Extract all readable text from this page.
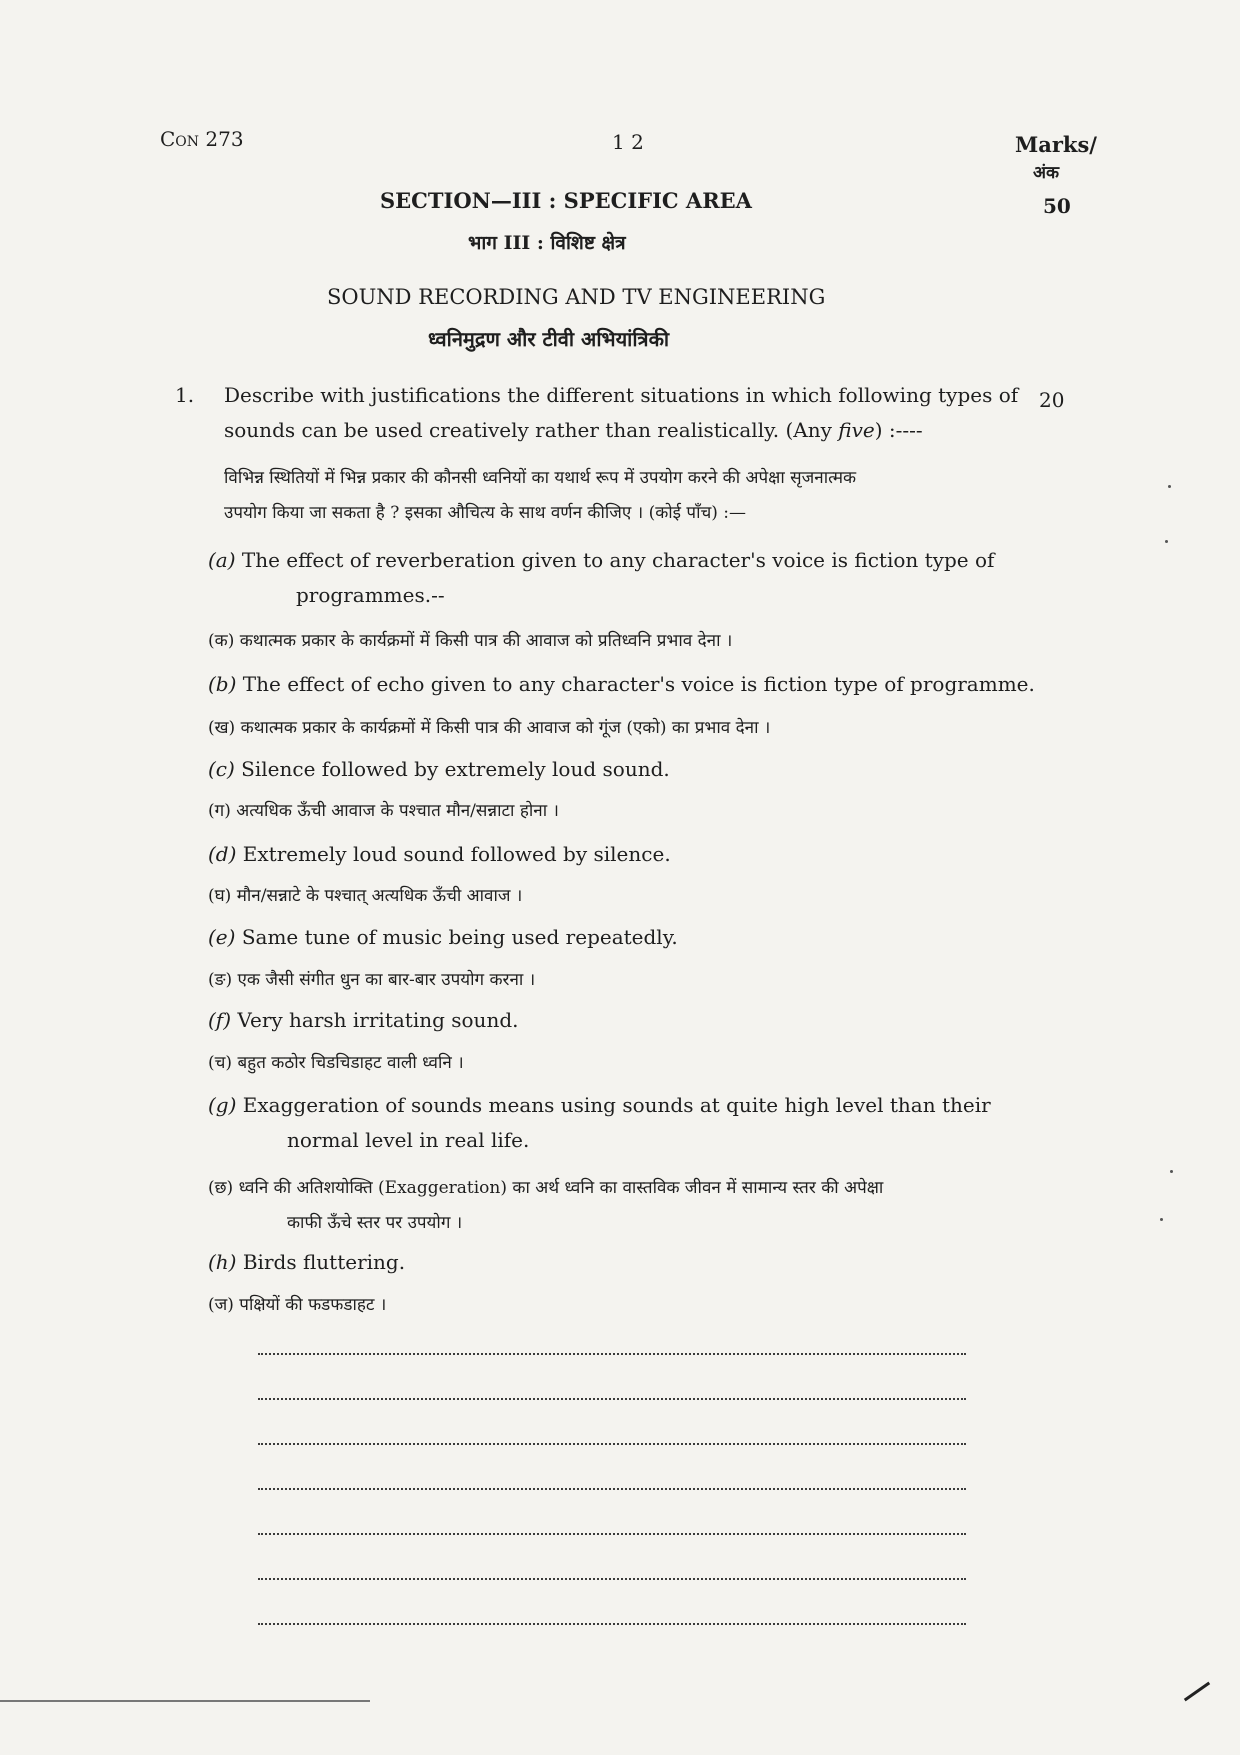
Con 273	1 2	Marks/
अंक
50
SECTION—III : SPECIFIC AREA
भाग III : विशिष्ट क्षेत्र
SOUND RECORDING AND TV ENGINEERING
ध्वनिमुद्रण और टीवी अभियांत्रिकी
1.	20
Describe with justifications the different situations in which following types of
sounds can be used creatively rather than realistically. (Any five) :----
विभिन्न स्थितियों में भिन्न प्रकार की कौनसी ध्वनियों का यथार्थ रूप में उपयोग करने की अपेक्षा सृजनात्मक
उपयोग किया जा सकता है ? इसका औचित्य के साथ वर्णन कीजिए । (कोई पाँच) :—
(a) The effect of reverberation given to any character's voice is fiction type of
programmes.--
(क) कथात्मक प्रकार के कार्यक्रमों में किसी पात्र की आवाज को प्रतिध्वनि प्रभाव देना ।
(b) The effect of echo given to any character's voice is fiction type of programme.
(ख) कथात्मक प्रकार के कार्यक्रमों में किसी पात्र की आवाज को गूंज (एको) का प्रभाव देना ।
(c) Silence followed by extremely loud sound.
(ग) अत्यधिक ऊँची आवाज के पश्चात मौन/सन्नाटा होना ।
(d) Extremely loud sound followed by silence.
(घ) मौन/सन्नाटे के पश्चात् अत्यधिक ऊँची आवाज ।
(e) Same tune of music being used repeatedly.
(ङ) एक जैसी संगीत धुन का बार-बार उपयोग करना ।
(f) Very harsh irritating sound.
(च) बहुत कठोर चिडचिडाहट वाली ध्वनि ।
(g) Exaggeration of sounds means using sounds at quite high level than their
normal level in real life.
(छ) ध्वनि की अतिशयोक्ति (Exaggeration) का अर्थ ध्वनि का वास्तविक जीवन में सामान्य स्तर की अपेक्षा
काफी ऊँचे स्तर पर उपयोग ।
(h) Birds fluttering.
(ज) पक्षियों की फडफडाहट ।
